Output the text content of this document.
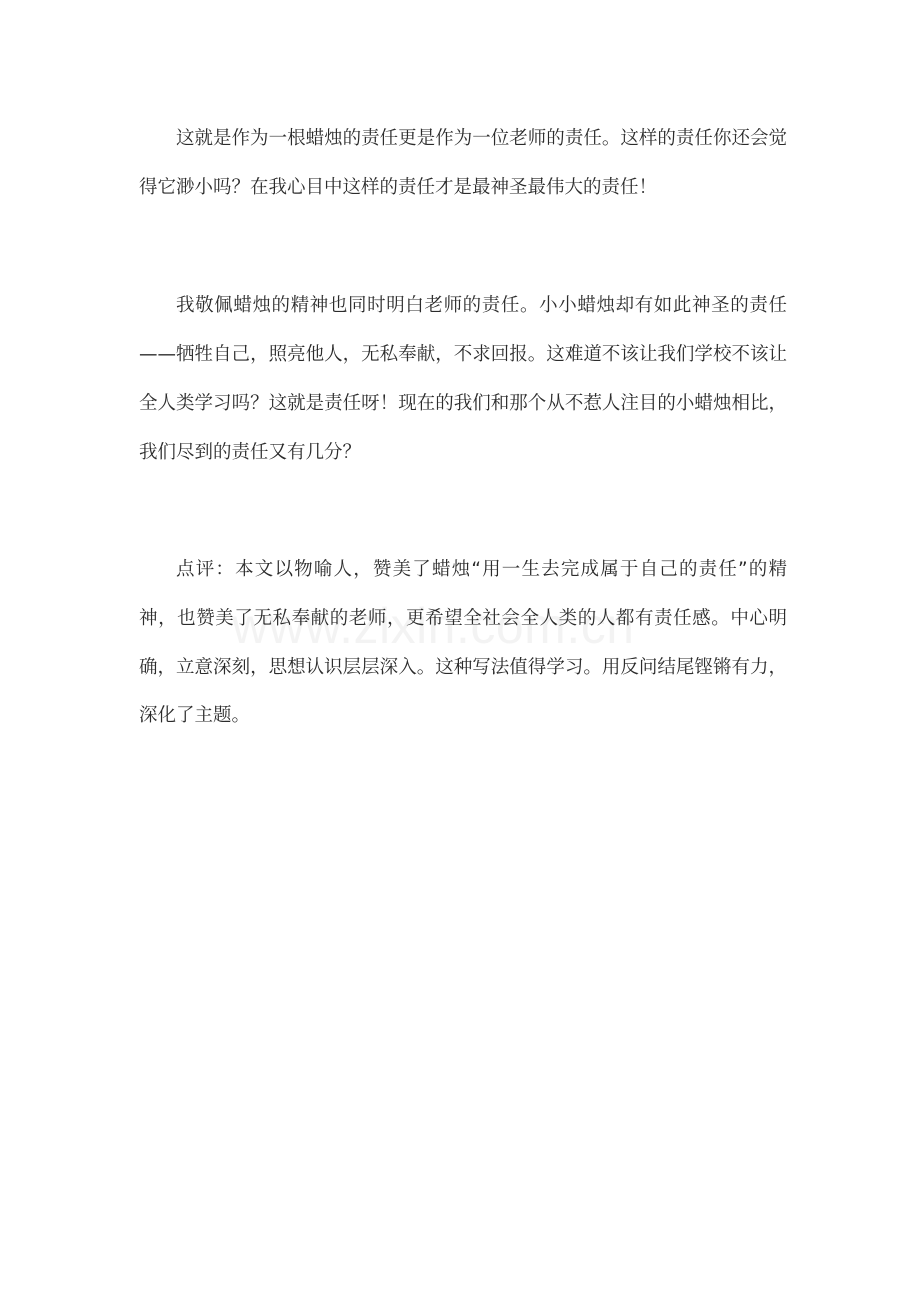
这就是作为一根蜡烛的责任更是作为一位老师的责任。这样的责任你还会觉得它渺小吗？在我心目中这样的责任才是最神圣最伟大的责任！

我敬佩蜡烛的精神也同时明白老师的责任。小小蜡烛却有如此神圣的责任——牺牲自己，照亮他人，无私奉献，不求回报。这难道不该让我们学校不该让全人类学习吗？这就是责任呀！现在的我们和那个从不惹人注目的小蜡烛相比，我们尽到的责任又有几分？

点评：本文以物喻人，赞美了蜡烛“用一生去完成属于自己的责任”的精神，也赞美了无私奉献的老师，更希望全社会全人类的人都有责任感。中心明确，立意深刻，思想认识层层深入。这种写法值得学习。用反问结尾铿锵有力，深化了主题。
